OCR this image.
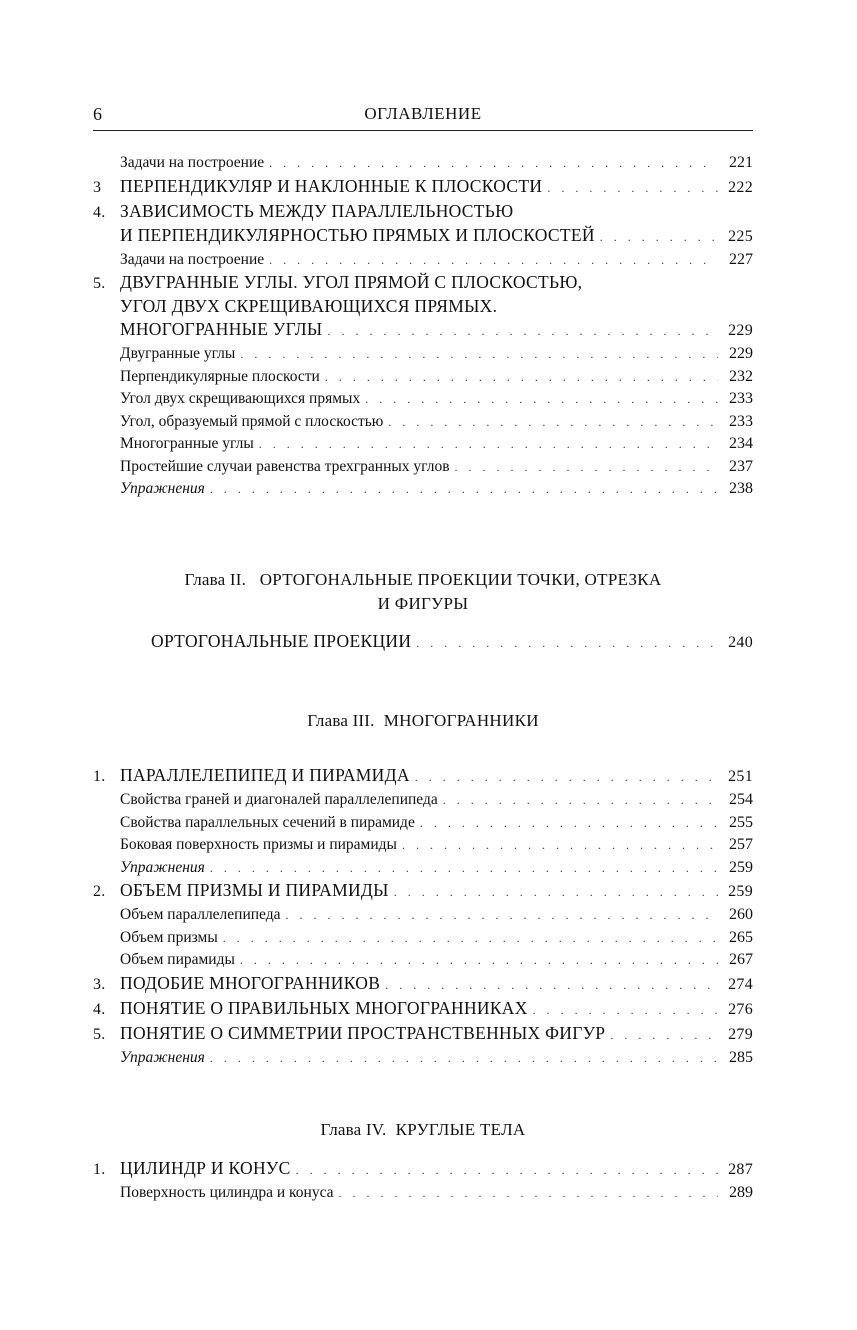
6	ОГЛАВЛЕНИЕ
Задачи на построение . . .	221
3	ПЕРПЕНДИКУЛЯР И НАКЛОННЫЕ К ПЛОСКОСТИ . . .	222
4. ЗАВИСИМОСТЬ МЕЖДУ ПАРАЛЛЕЛЬНОСТЬЮ
И ПЕРПЕНДИКУЛЯРНОСТЬЮ ПРЯМЫХ И ПЛОСКОСТЕЙ . . .	225
Задачи на построение . . .	227
5. ДВУГРАННЫЕ УГЛЫ. УГОЛ ПРЯМОЙ С ПЛОСКОСТЬЮ,
УГОЛ ДВУХ СКРЕЩИВАЮЩИХСЯ ПРЯМЫХ.
МНОГОГРАННЫЕ УГЛЫ . . .	229
Двугранные углы . . .	229
Перпендикулярные плоскости . . .	232
Угол двух скрещивающихся прямых . . .	233
Угол, образуемый прямой с плоскостью . . .	233
Многогранные углы . . .	234
Простейшие случаи равенства трехгранных углов . . .	237
Упражнения . . .	238
Глава II. ОРТОГОНАЛЬНЫЕ ПРОЕКЦИИ ТОЧКИ, ОТРЕЗКА
И ФИГУРЫ
ОРТОГОНАЛЬНЫЕ ПРОЕКЦИИ . . .	240
Глава III. МНОГОГРАННИКИ
1. ПАРАЛЛЕЛЕПИПЕД И ПИРАМИДА . . .	251
Свойства граней и диагоналей параллелепипеда . . .	254
Свойства параллельных сечений в пирамиде . . .	255
Боковая поверхность призмы и пирамиды . . .	257
Упражнения . . .	259
2. ОБЪЕМ ПРИЗМЫ И ПИРАМИДЫ . . .	259
Объем параллелепипеда . . .	260
Объем призмы . . .	265
Объем пирамиды . . .	267
3. ПОДОБИЕ МНОГОГРАННИКОВ . . .	274
4. ПОНЯТИЕ О ПРАВИЛЬНЫХ МНОГОГРАННИКАХ . . .	276
5. ПОНЯТИЕ О СИММЕТРИИ ПРОСТРАНСТВЕННЫХ ФИГУР . . .	279
Упражнения . . .	285
Глава IV. КРУГЛЫЕ ТЕЛА
1. ЦИЛИНДР И КОНУС . . .	287
Поверхность цилиндра и конуса . . .	289
